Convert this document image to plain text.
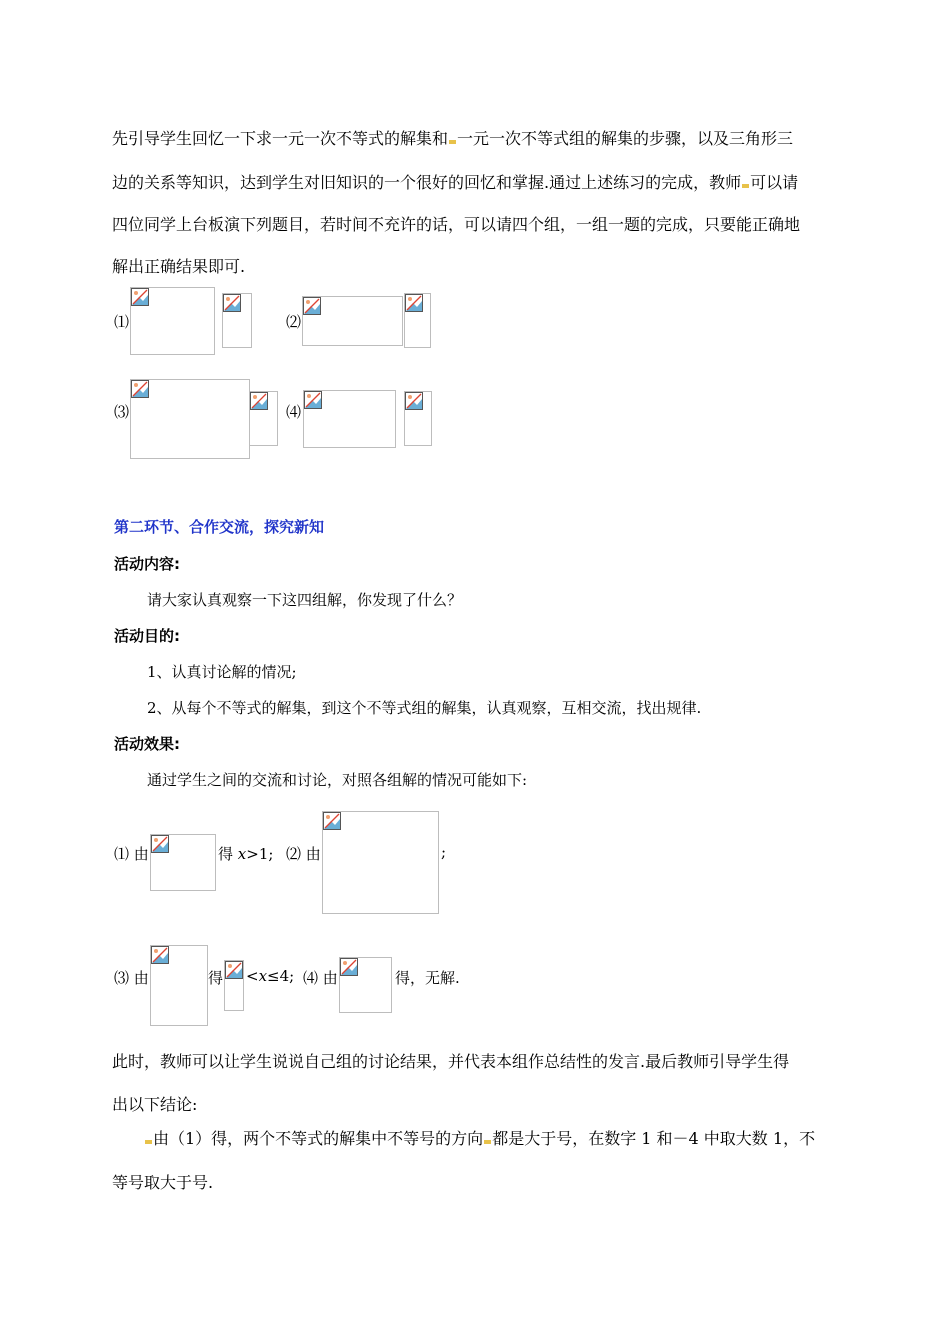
先引导学生回忆一下求一元一次不等式的解集和 一元一次不等式组的解集的步骤，以及三角形三
边的关系等知识，达到学生对旧知识的一个很好的回忆和掌握.通过上述练习的完成，教师 可以请
四位同学上台板演下列题目，若时间不充许的话，可以请四个组，一组一题的完成，只要能正确地
解出正确结果即可.
⑴	⑵
⑶	⑷
第二环节、合作交流，探究新知
活动内容:
请大家认真观察一下这四组解，你发现了什么？
活动目的:
1、认真讨论解的情况;
2、从每个不等式的解集，到这个不等式组的解集，认真观察，互相交流，找出规律.
活动效果:
通过学生之间的交流和讨论，对照各组解的情况可能如下:
⑴ 由	得 x>1; ⑵ 由	;
⑶ 由	得 <x≤4; ⑷ 由	得，无解.
此时，教师可以让学生说说自己组的讨论结果，并代表本组作总结性的发言.最后教师引导学生得
出以下结论:
由（1）得，两个不等式的解集中不等号的方向 都是大于号，在数字 1 和－4 中取大数 1，不
等号取大于号.
